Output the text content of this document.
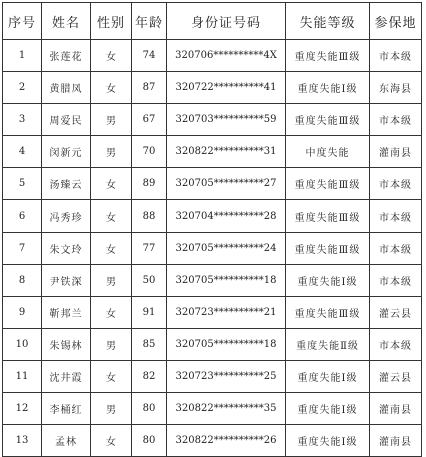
序号	姓名	性别	年龄	身份证号码	失能等级	参保地
1	张莲花	女	74	320706**********4X	重度失能Ⅲ级	市本级
2	黄腊凤	女	87	320722**********41	重度失能Ⅰ级	东海县
3	周爱民	男	67	320703**********59	重度失能Ⅲ级	市本级
4	闵新元	男	70	320822**********31	中度失能	灌南县
5	汤臻云	女	89	320705**********27	重度失能Ⅲ级	市本级
6	冯秀珍	女	88	320704**********28	重度失能Ⅲ级	市本级
7	朱文玲	女	77	320705**********24	重度失能Ⅲ级	市本级
8	尹铁深	男	50	320705**********18	重度失能Ⅰ级	市本级
9	靳邦兰	女	91	320723**********21	重度失能Ⅲ级	灌云县
10	朱锡林	男	85	320705**********18	重度失能Ⅱ级	市本级
11	沈井霞	女	82	320723**********25	重度失能Ⅰ级	灌云县
12	李桶红	男	80	320822**********35	重度失能Ⅰ级	灌南县
13	孟林	女	80	320822**********26	重度失能Ⅰ级	灌南县
